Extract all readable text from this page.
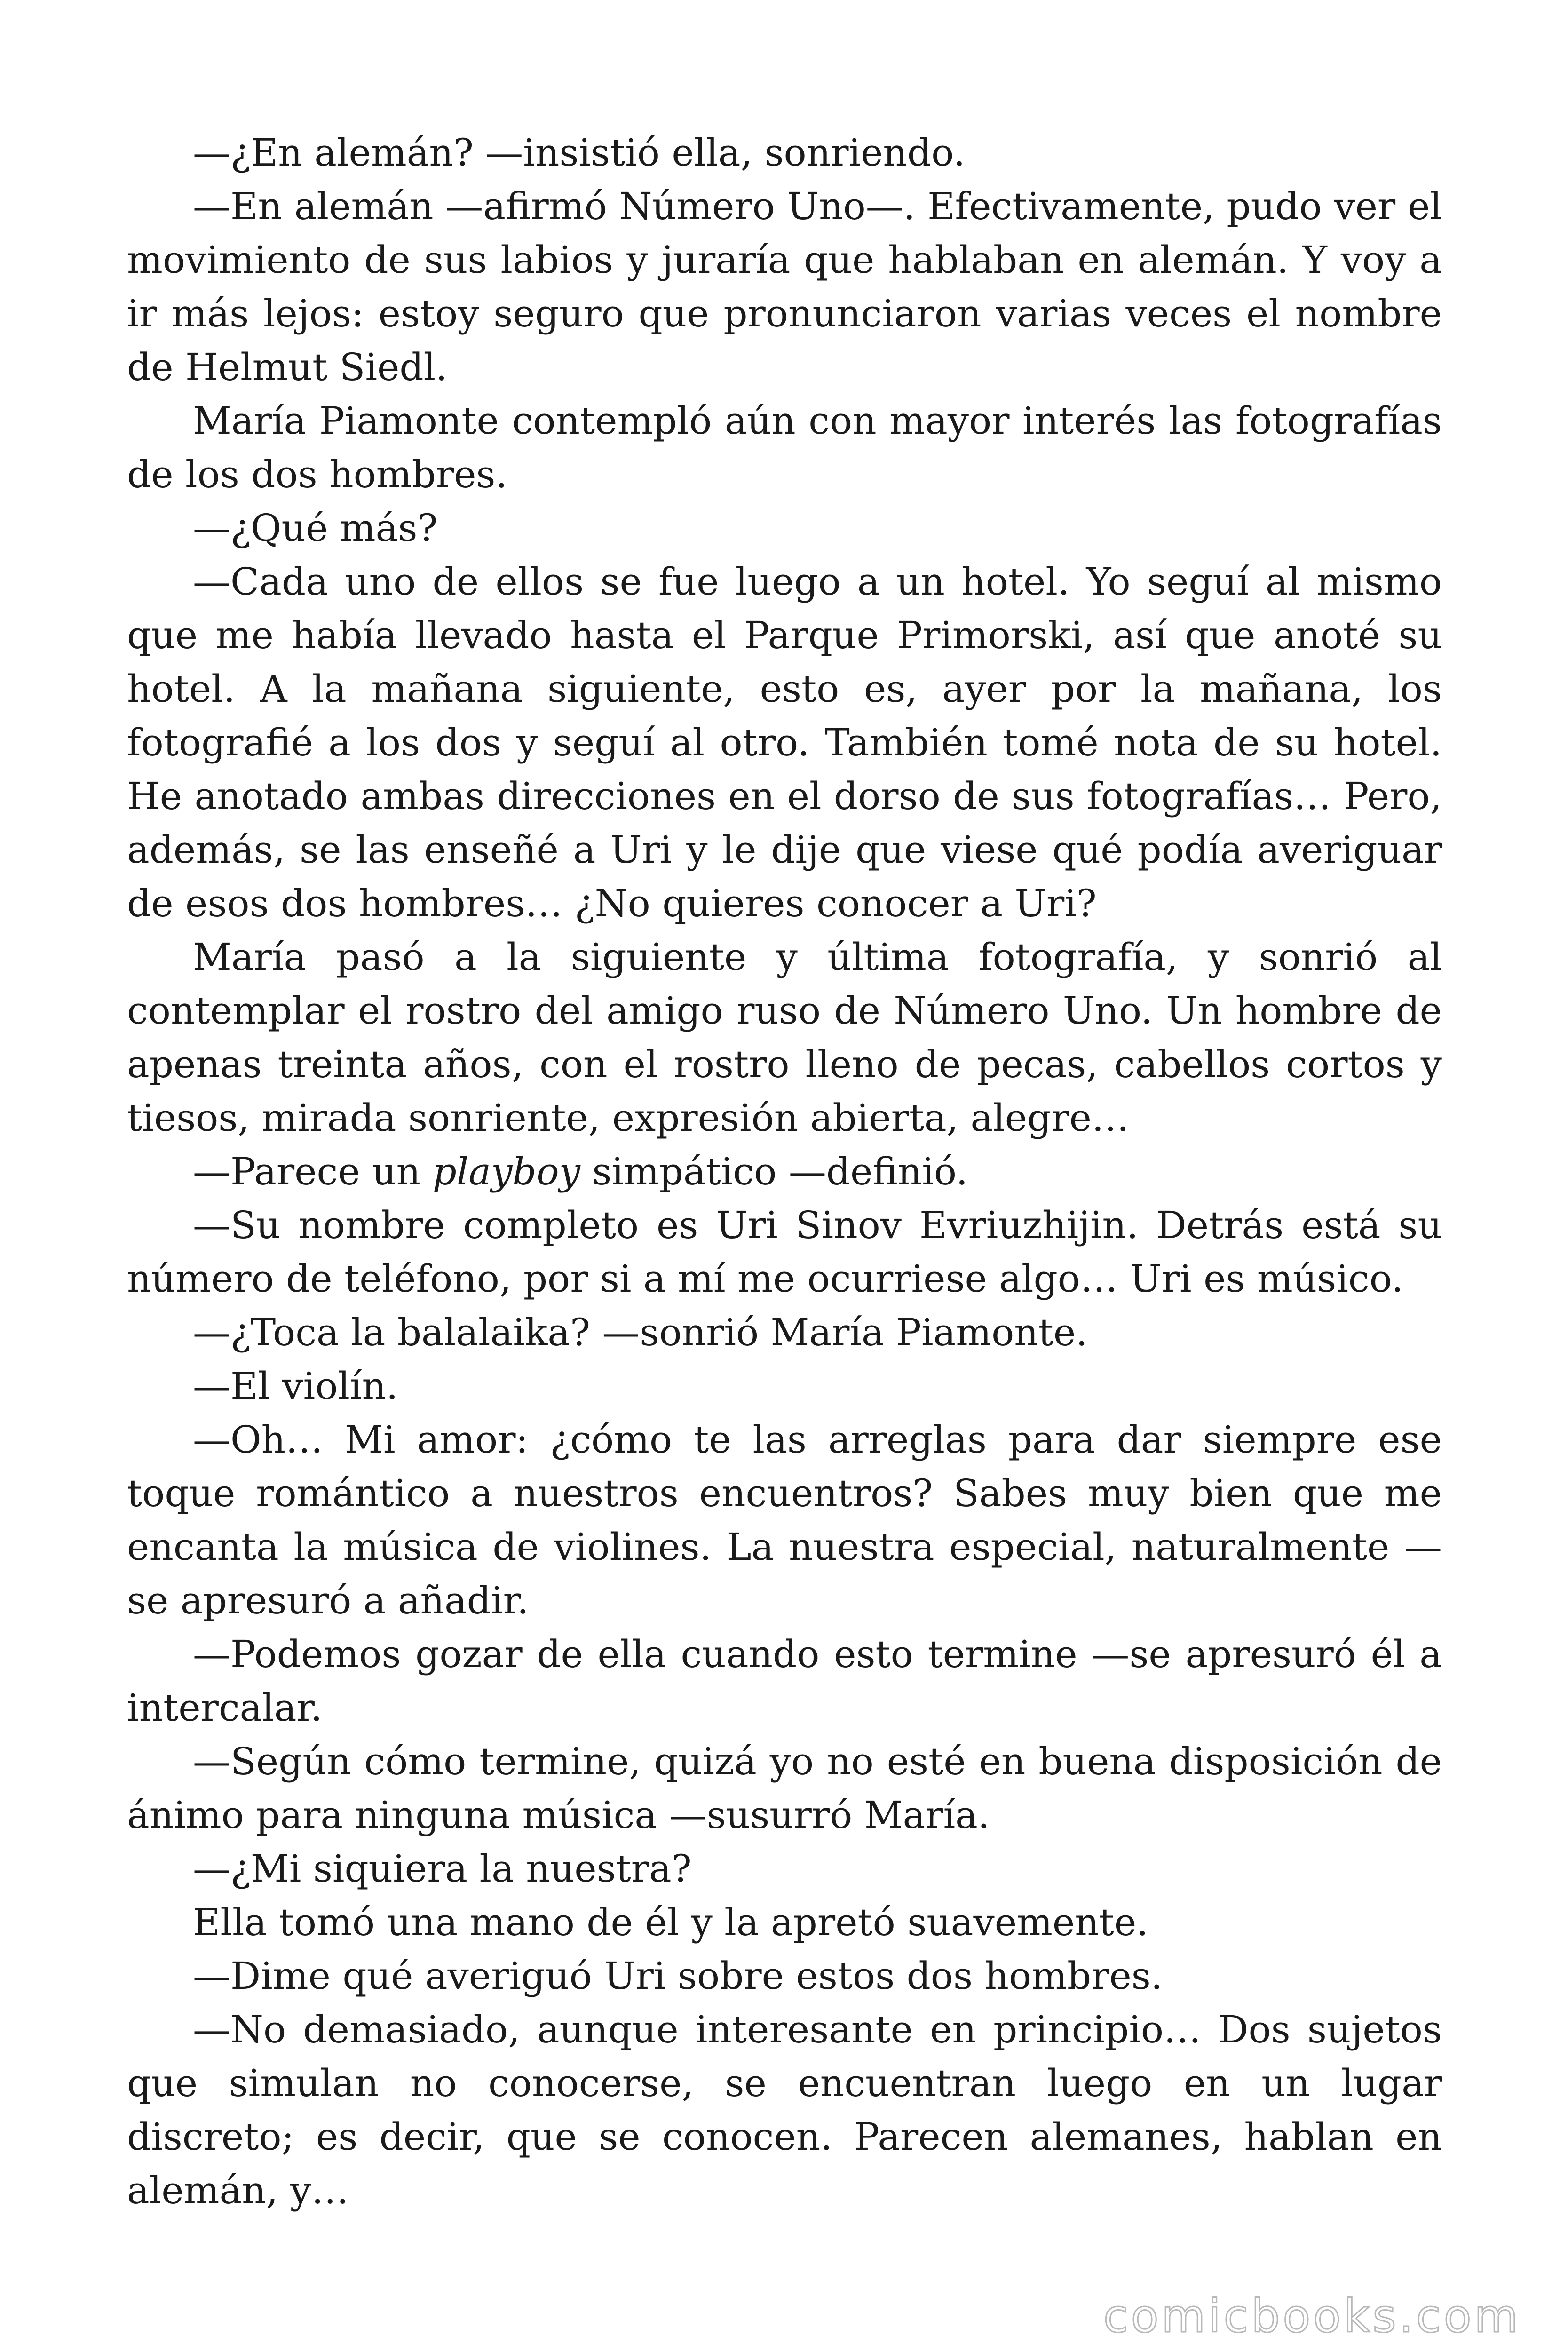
—¿En alemán? —insistió ella, sonriendo.

—En alemán —afirmó Número Uno—. Efectivamente, pudo ver el movimiento de sus labios y juraría que hablaban en alemán. Y voy a ir más lejos: estoy seguro que pronunciaron varias veces el nombre de Helmut Siedl.

María Piamonte contempló aún con mayor interés las fotografías de los dos hombres.

—¿Qué más?

—Cada uno de ellos se fue luego a un hotel. Yo seguí al mismo que me había llevado hasta el Parque Primorski, así que anoté su hotel. A la mañana siguiente, esto es, ayer por la mañana, los fotografié a los dos y seguí al otro. También tomé nota de su hotel. He anotado ambas direcciones en el dorso de sus fotografías… Pero, además, se las enseñé a Uri y le dije que viese qué podía averiguar de esos dos hombres… ¿No quieres conocer a Uri?

María pasó a la siguiente y última fotografía, y sonrió al contemplar el rostro del amigo ruso de Número Uno. Un hombre de apenas treinta años, con el rostro lleno de pecas, cabellos cortos y tiesos, mirada sonriente, expresión abierta, alegre…

—Parece un playboy simpático —definió.

—Su nombre completo es Uri Sinov Evriuzhijin. Detrás está su número de teléfono, por si a mí me ocurriese algo… Uri es músico.

—¿Toca la balalaika? —sonrió María Piamonte.

—El violín.

—Oh… Mi amor: ¿cómo te las arreglas para dar siempre ese toque romántico a nuestros encuentros? Sabes muy bien que me encanta la música de violines. La nuestra especial, naturalmente —se apresuró a añadir.

—Podemos gozar de ella cuando esto termine —se apresuró él a intercalar.

—Según cómo termine, quizá yo no esté en buena disposición de ánimo para ninguna música —susurró María.

—¿Mi siquiera la nuestra?

Ella tomó una mano de él y la apretó suavemente.

—Dime qué averiguó Uri sobre estos dos hombres.

—No demasiado, aunque interesante en principio… Dos sujetos que simulan no conocerse, se encuentran luego en un lugar discreto; es decir, que se conocen. Parecen alemanes, hablan en alemán, y…

comicbooks.com
